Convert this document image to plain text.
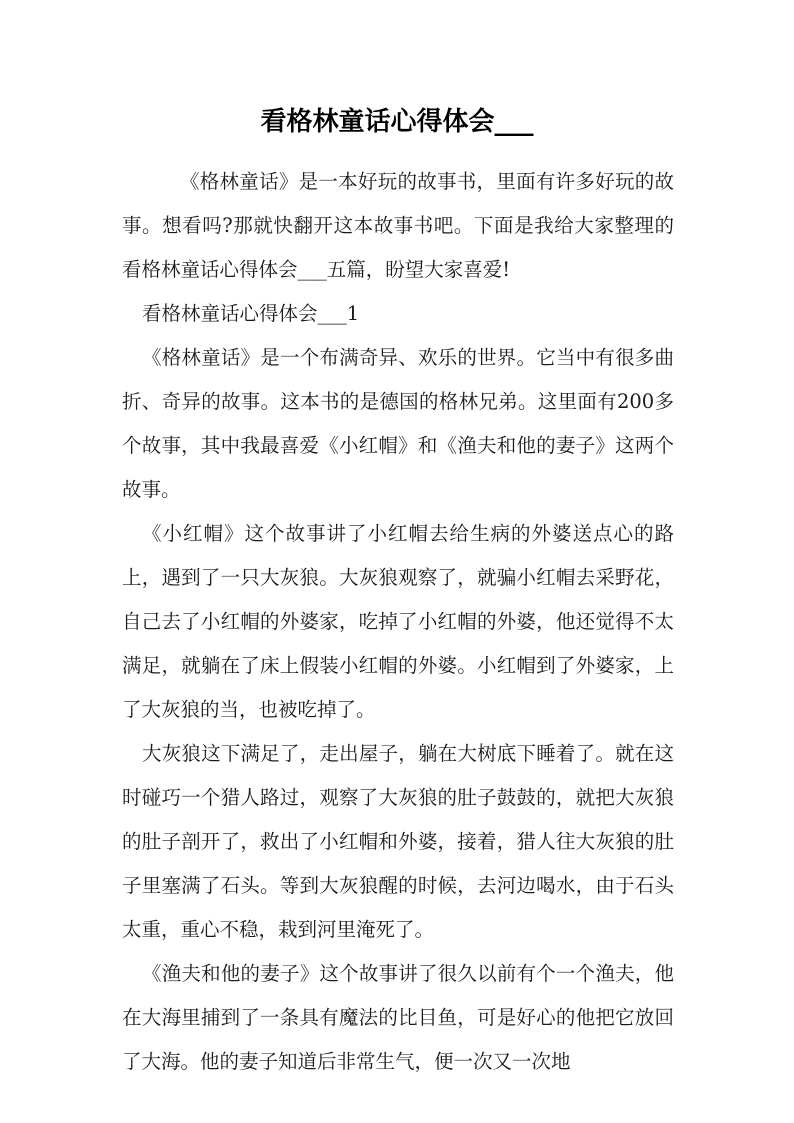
看格林童话心得体会___

《格林童话》是一本好玩的故事书，里面有许多好玩的故事。想看吗?那就快翻开这本故事书吧。下面是我给大家整理的看格林童话心得体会___五篇，盼望大家喜爱!

看格林童话心得体会___1

《格林童话》是一个布满奇异、欢乐的世界。它当中有很多曲折、奇异的故事。这本书的是德国的格林兄弟。这里面有200多个故事，其中我最喜爱《小红帽》和《渔夫和他的妻子》这两个故事。

《小红帽》这个故事讲了小红帽去给生病的外婆送点心的路上，遇到了一只大灰狼。大灰狼观察了，就骗小红帽去采野花，自己去了小红帽的外婆家，吃掉了小红帽的外婆，他还觉得不太满足，就躺在了床上假装小红帽的外婆。小红帽到了外婆家，上了大灰狼的当，也被吃掉了。

大灰狼这下满足了，走出屋子，躺在大树底下睡着了。就在这时碰巧一个猎人路过，观察了大灰狼的肚子鼓鼓的，就把大灰狼的肚子剖开了，救出了小红帽和外婆，接着，猎人往大灰狼的肚子里塞满了石头。等到大灰狼醒的时候，去河边喝水，由于石头太重，重心不稳，栽到河里淹死了。

《渔夫和他的妻子》这个故事讲了很久以前有个一个渔夫，他在大海里捕到了一条具有魔法的比目鱼，可是好心的他把它放回了大海。他的妻子知道后非常生气，便一次又一次地
